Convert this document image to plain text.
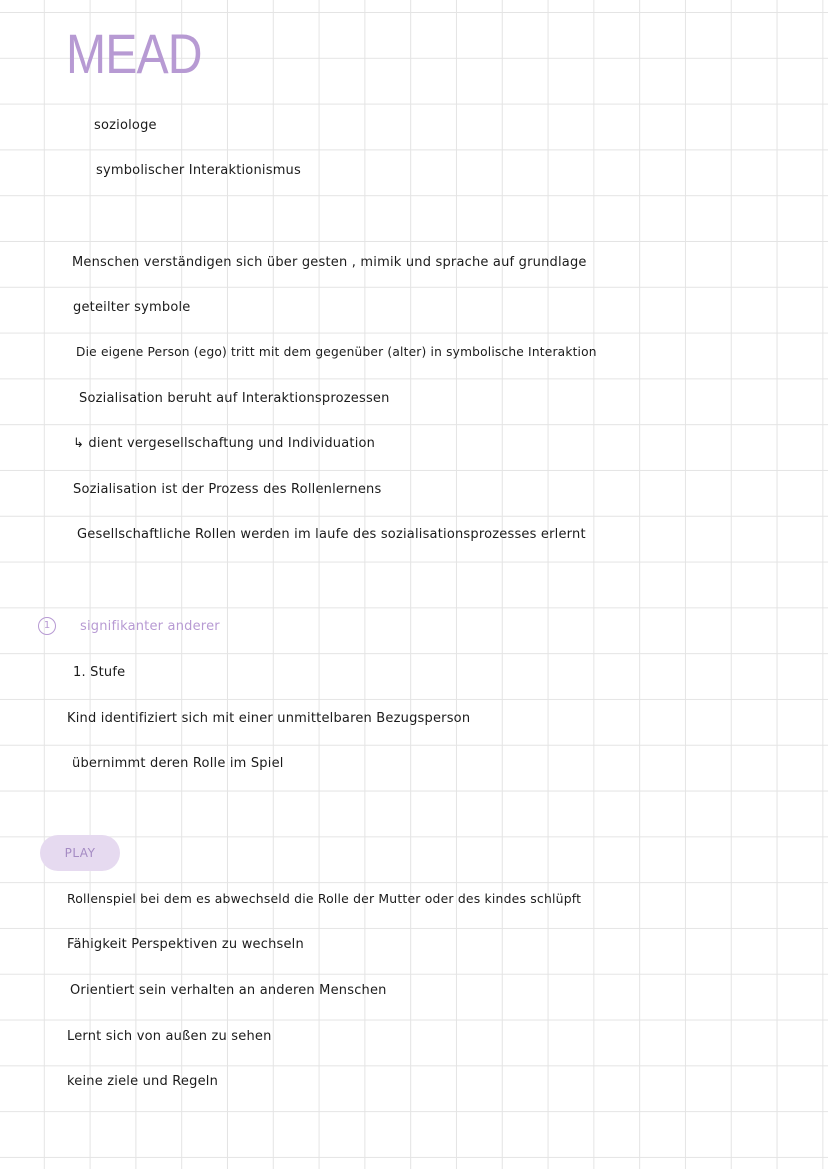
MEAD
soziologe
symbolischer Interaktionismus
Menschen verständigen sich über gesten , mimik und sprache auf grundlage
geteilter symbole
Die eigene Person (ego) tritt mit dem gegenüber (alter) in symbolische Interaktion
Sozialisation beruht auf Interaktionsprozessen
↳ dient vergesellschaftung und Individuation
Sozialisation ist der Prozess des Rollenlernens
Gesellschaftliche Rollen werden im laufe des sozialisationsprozesses erlernt
1	signifikanter anderer
1. Stufe
Kind identifiziert sich mit einer unmittelbaren Bezugsperson
übernimmt deren Rolle im Spiel
PLAY
Rollenspiel bei dem es abwechseld die Rolle der Mutter oder des kindes schlüpft
Fähigkeit Perspektiven zu wechseln
Orientiert sein verhalten an anderen Menschen
Lernt sich von außen zu sehen
keine ziele und Regeln
